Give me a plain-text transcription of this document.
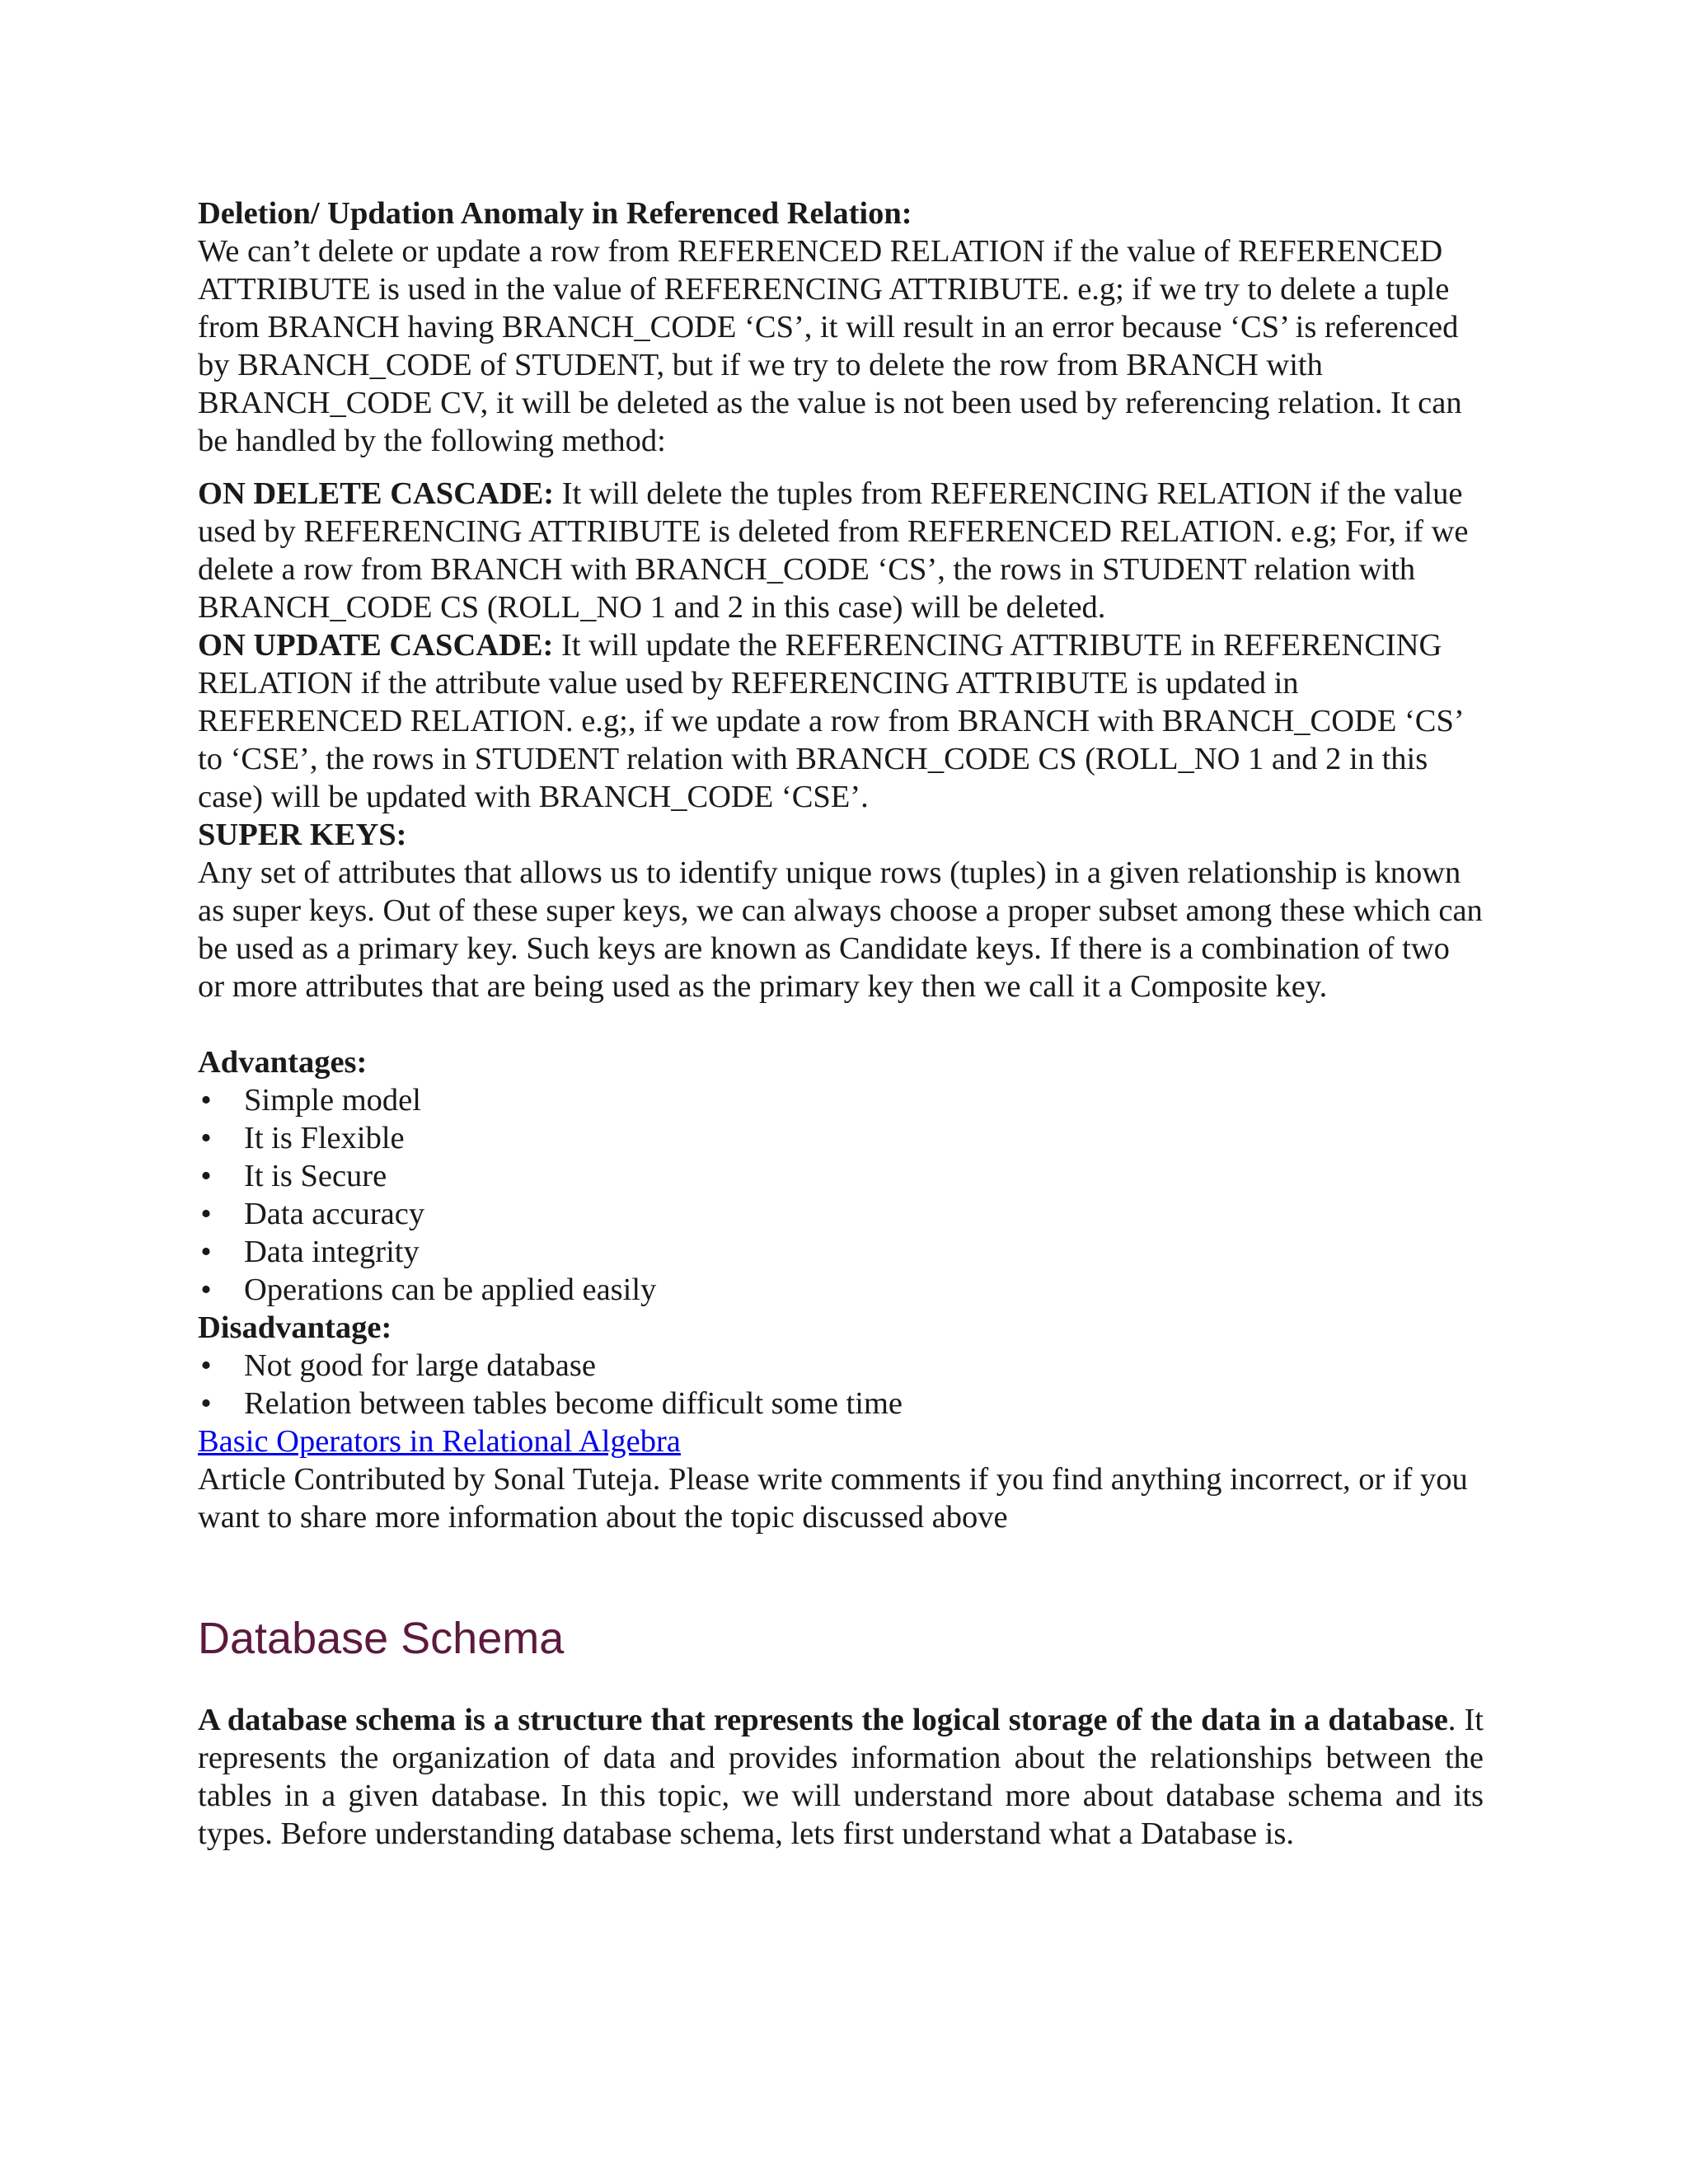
Deletion/ Updation Anomaly in Referenced Relation:

We can’t delete or update a row from REFERENCED RELATION if the value of REFERENCED ATTRIBUTE is used in the value of REFERENCING ATTRIBUTE. e.g; if we try to delete a tuple from BRANCH having BRANCH_CODE ‘CS’, it will result in an error because ‘CS’ is referenced by BRANCH_CODE of STUDENT, but if we try to delete the row from BRANCH with BRANCH_CODE CV, it will be deleted as the value is not been used by referencing relation. It can be handled by the following method:

ON DELETE CASCADE: It will delete the tuples from REFERENCING RELATION if the value used by REFERENCING ATTRIBUTE is deleted from REFERENCED RELATION. e.g; For, if we delete a row from BRANCH with BRANCH_CODE ‘CS’, the rows in STUDENT relation with BRANCH_CODE CS (ROLL_NO 1 and 2 in this case) will be deleted.

ON UPDATE CASCADE: It will update the REFERENCING ATTRIBUTE in REFERENCING RELATION if the attribute value used by REFERENCING ATTRIBUTE is updated in REFERENCED RELATION. e.g;, if we update a row from BRANCH with BRANCH_CODE ‘CS’ to ‘CSE’, the rows in STUDENT relation with BRANCH_CODE CS (ROLL_NO 1 and 2 in this case) will be updated with BRANCH_CODE ‘CSE’.

SUPER KEYS:

Any set of attributes that allows us to identify unique rows (tuples) in a given relationship is known as super keys. Out of these super keys, we can always choose a proper subset among these which can be used as a primary key. Such keys are known as Candidate keys. If there is a combination of two or more attributes that are being used as the primary key then we call it a Composite key.

Advantages:

• Simple model
• It is Flexible
• It is Secure
• Data accuracy
• Data integrity
• Operations can be applied easily

Disadvantage:

• Not good for large database
• Relation between tables become difficult some time

Basic Operators in Relational Algebra

Article Contributed by Sonal Tuteja. Please write comments if you find anything incorrect, or if you want to share more information about the topic discussed above

Database Schema

A database schema is a structure that represents the logical storage of the data in a database. It represents the organization of data and provides information about the relationships between the tables in a given database. In this topic, we will understand more about database schema and its types. Before understanding database schema, lets first understand what a Database is.
